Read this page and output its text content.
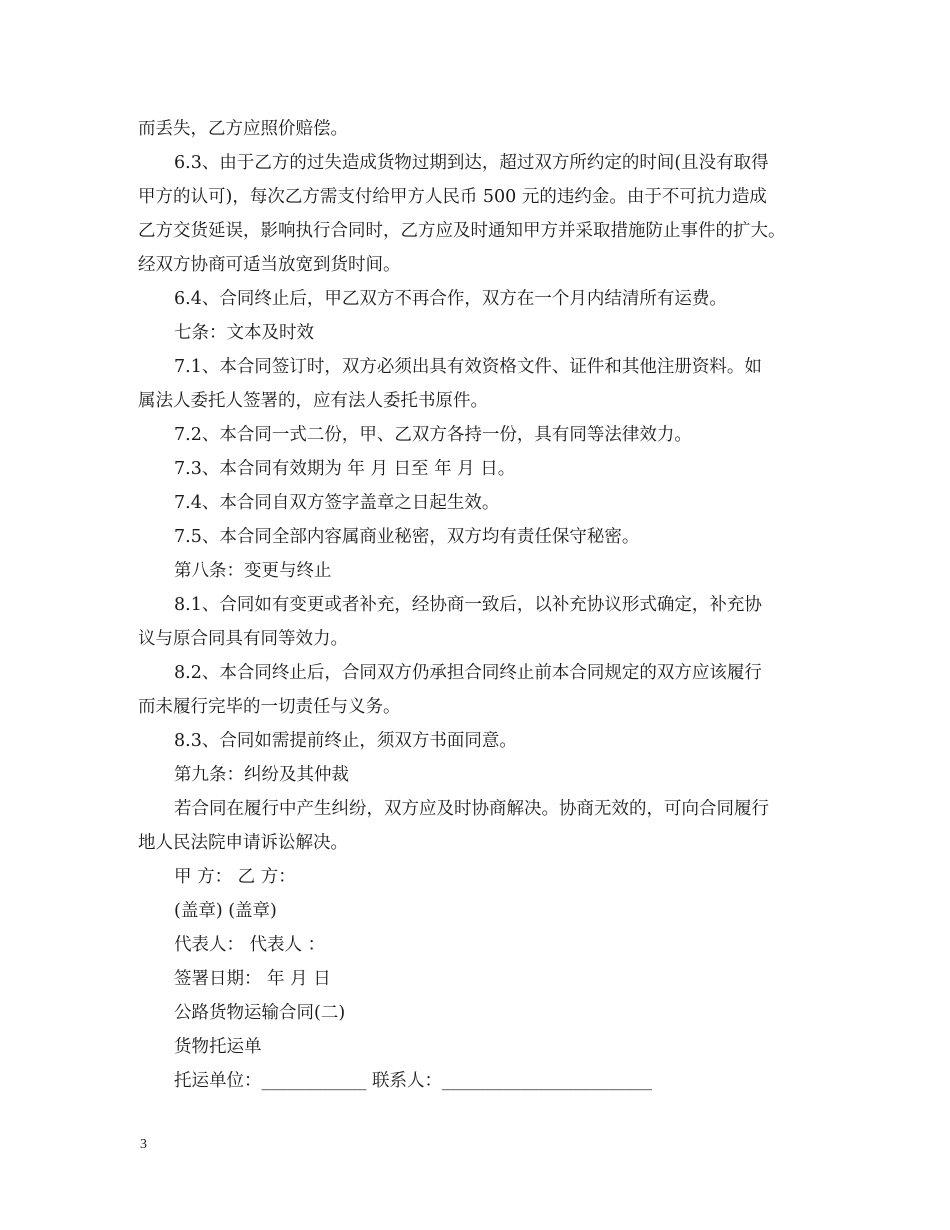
而丢失，乙方应照价赔偿。
6.3、由于乙方的过失造成货物过期到达，超过双方所约定的时间(且没有取得
甲方的认可)，每次乙方需支付给甲方人民币 500 元的违约金。由于不可抗力造成
乙方交货延误，影响执行合同时，乙方应及时通知甲方并采取措施防止事件的扩大。
经双方协商可适当放宽到货时间。
6.4、合同终止后，甲乙双方不再合作，双方在一个月内结清所有运费。
七条：文本及时效
7.1、本合同签订时，双方必须出具有效资格文件、证件和其他注册资料。如
属法人委托人签署的，应有法人委托书原件。
7.2、本合同一式二份，甲、乙双方各持一份，具有同等法律效力。
7.3、本合同有效期为 年 月 日至 年 月 日。
7.4、本合同自双方签字盖章之日起生效。
7.5、本合同全部内容属商业秘密，双方均有责任保守秘密。
第八条：变更与终止
8.1、合同如有变更或者补充，经协商一致后，以补充协议形式确定，补充协
议与原合同具有同等效力。
8.2、本合同终止后，合同双方仍承担合同终止前本合同规定的双方应该履行
而未履行完毕的一切责任与义务。
8.3、合同如需提前终止，须双方书面同意。
第九条：纠纷及其仲裁
若合同在履行中产生纠纷，双方应及时协商解决。协商无效的，可向合同履行
地人民法院申请诉讼解决。
甲 方： 乙 方：
(盖章) (盖章)
代表人： 代表人 ：
签署日期： 年 月 日
公路货物运输合同(二)
货物托运单
托运单位：____________ 联系人：________________________
3
